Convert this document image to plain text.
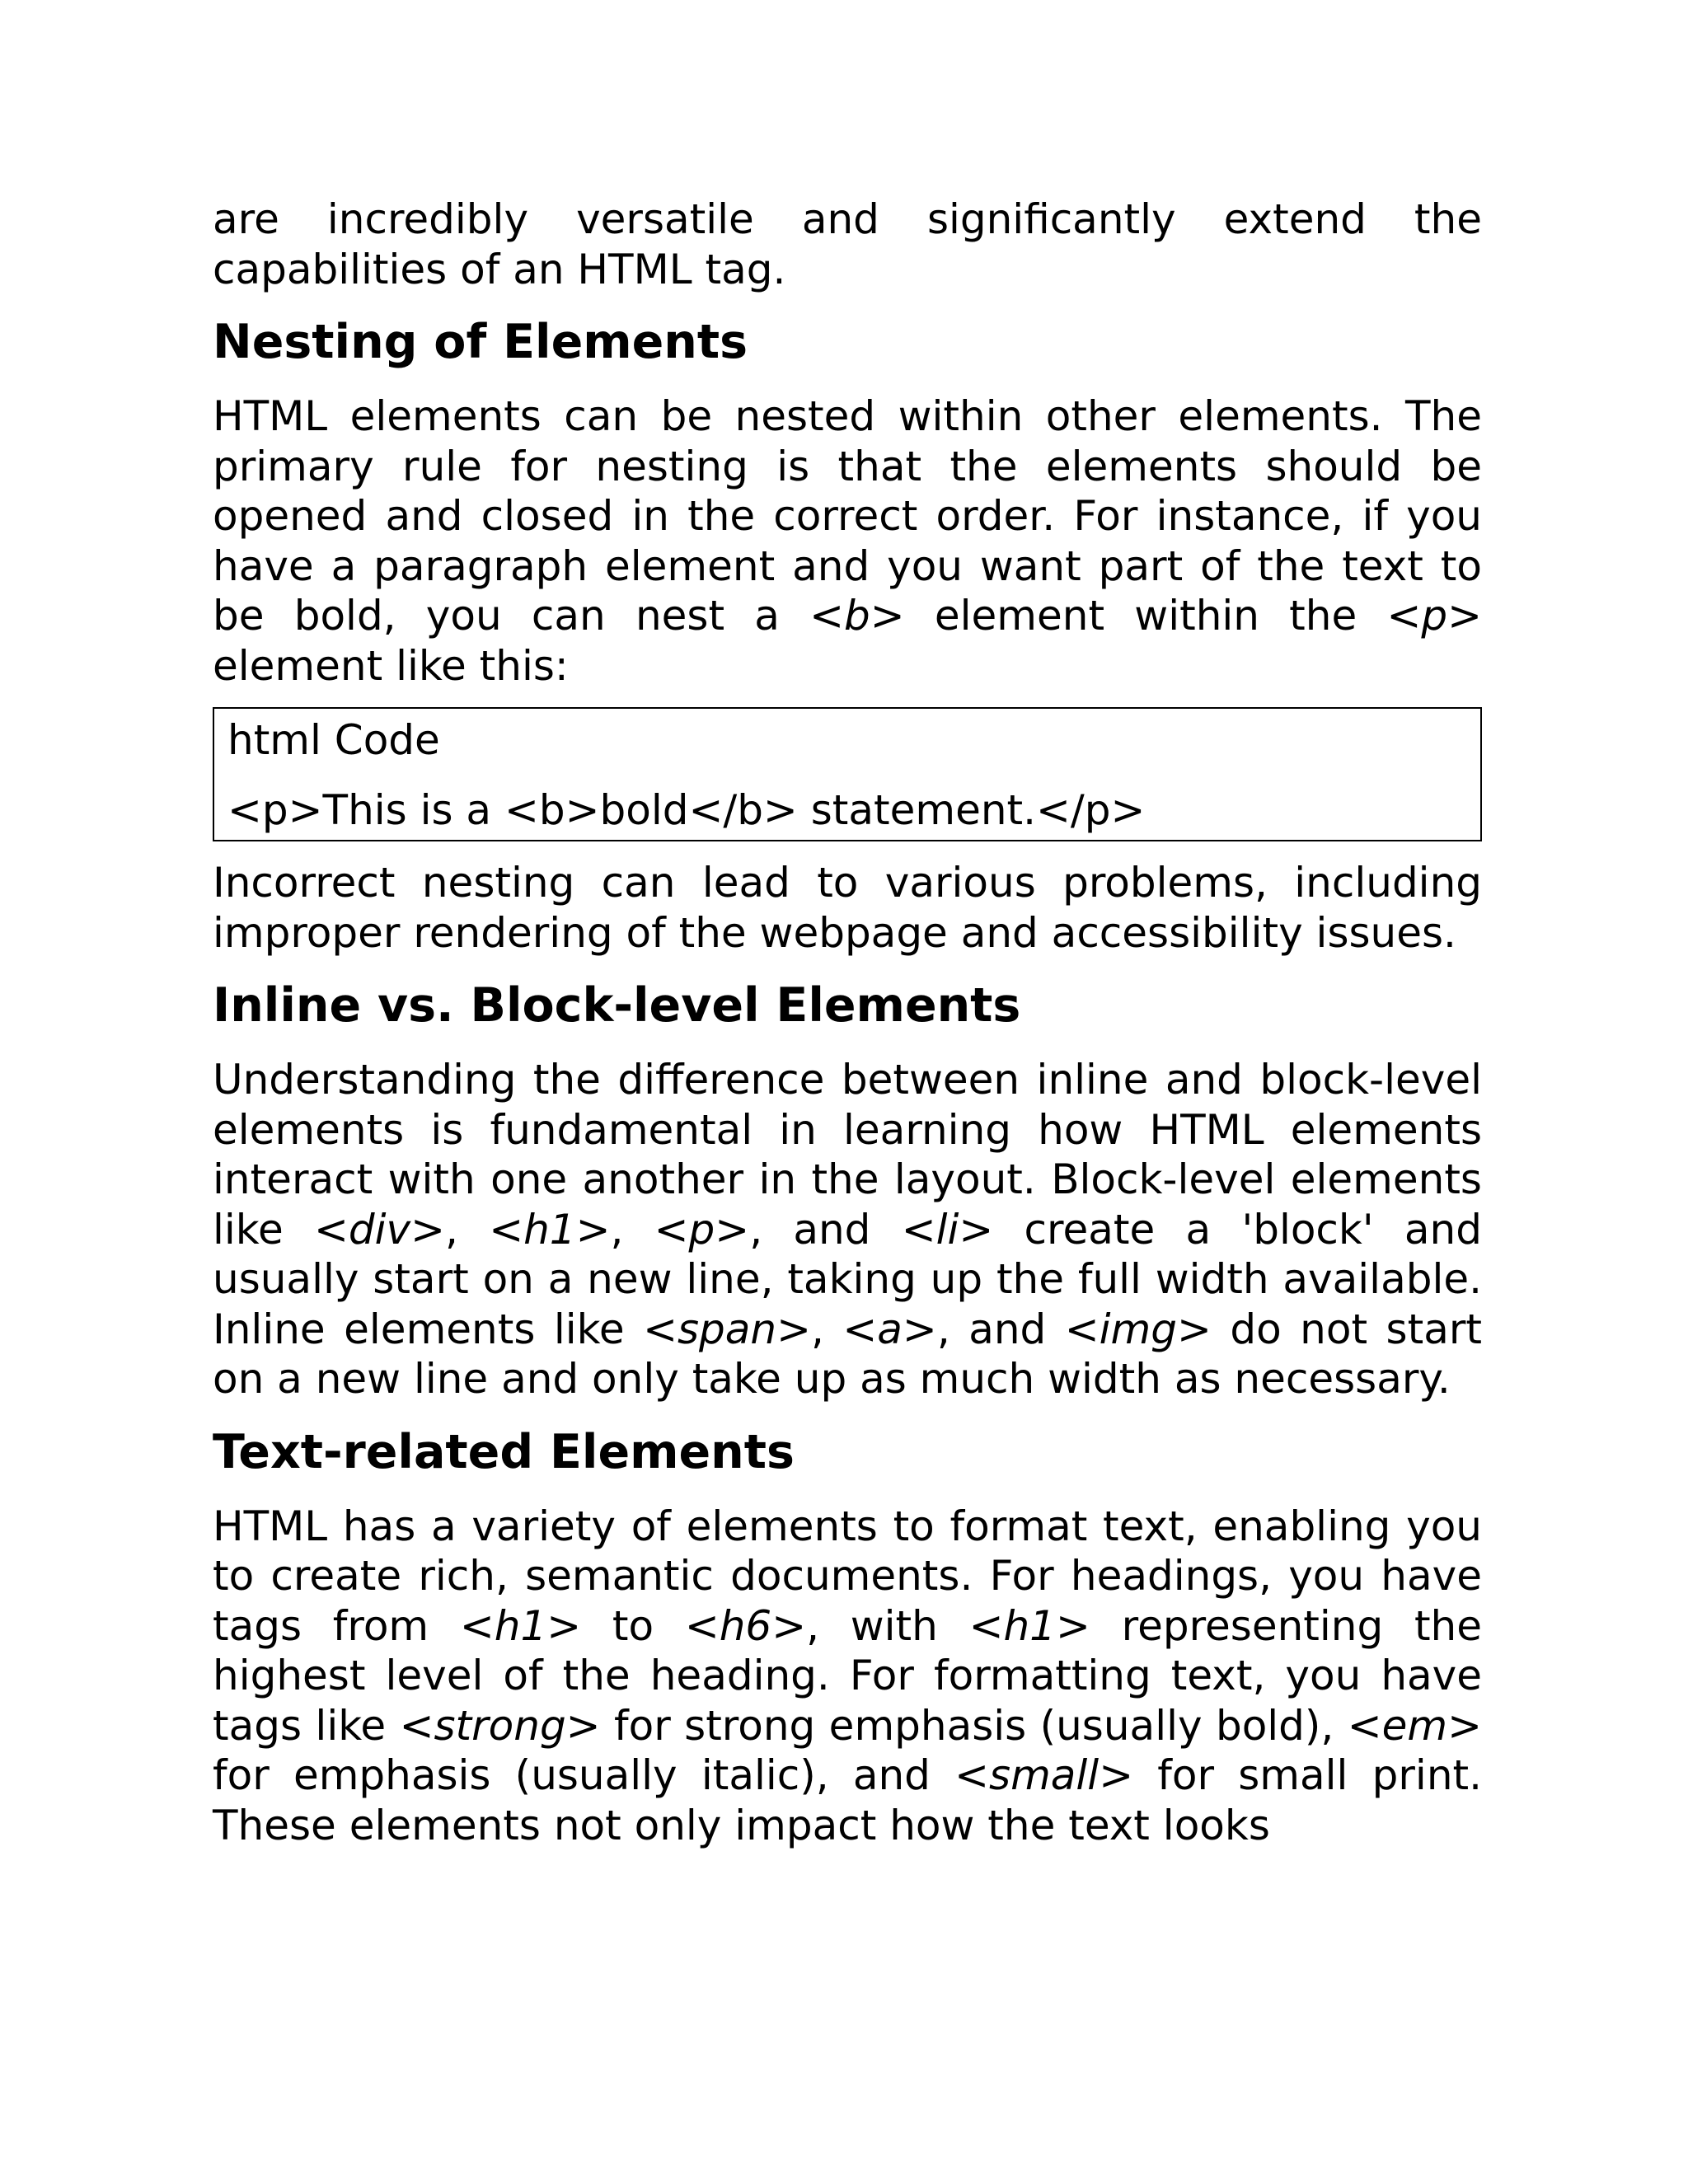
are incredibly versatile and significantly extend the capabilities of an HTML tag.

Nesting of Elements

HTML elements can be nested within other elements. The primary rule for nesting is that the elements should be opened and closed in the correct order. For instance, if you have a paragraph element and you want part of the text to be bold, you can nest a <b> element within the <p> element like this:

html Code

<p>This is a <b>bold</b> statement.</p>

Incorrect nesting can lead to various problems, including improper rendering of the webpage and accessibility issues.

Inline vs. Block-level Elements

Understanding the difference between inline and block-level elements is fundamental in learning how HTML elements interact with one another in the layout. Block-level elements like <div>, <h1>, <p>, and <li> create a 'block' and usually start on a new line, taking up the full width available. Inline elements like <span>, <a>, and <img> do not start on a new line and only take up as much width as necessary.

Text-related Elements

HTML has a variety of elements to format text, enabling you to create rich, semantic documents. For headings, you have tags from <h1> to <h6>, with <h1> representing the highest level of the heading. For formatting text, you have tags like <strong> for strong emphasis (usually bold), <em> for emphasis (usually italic), and <small> for small print. These elements not only impact how the text looks
